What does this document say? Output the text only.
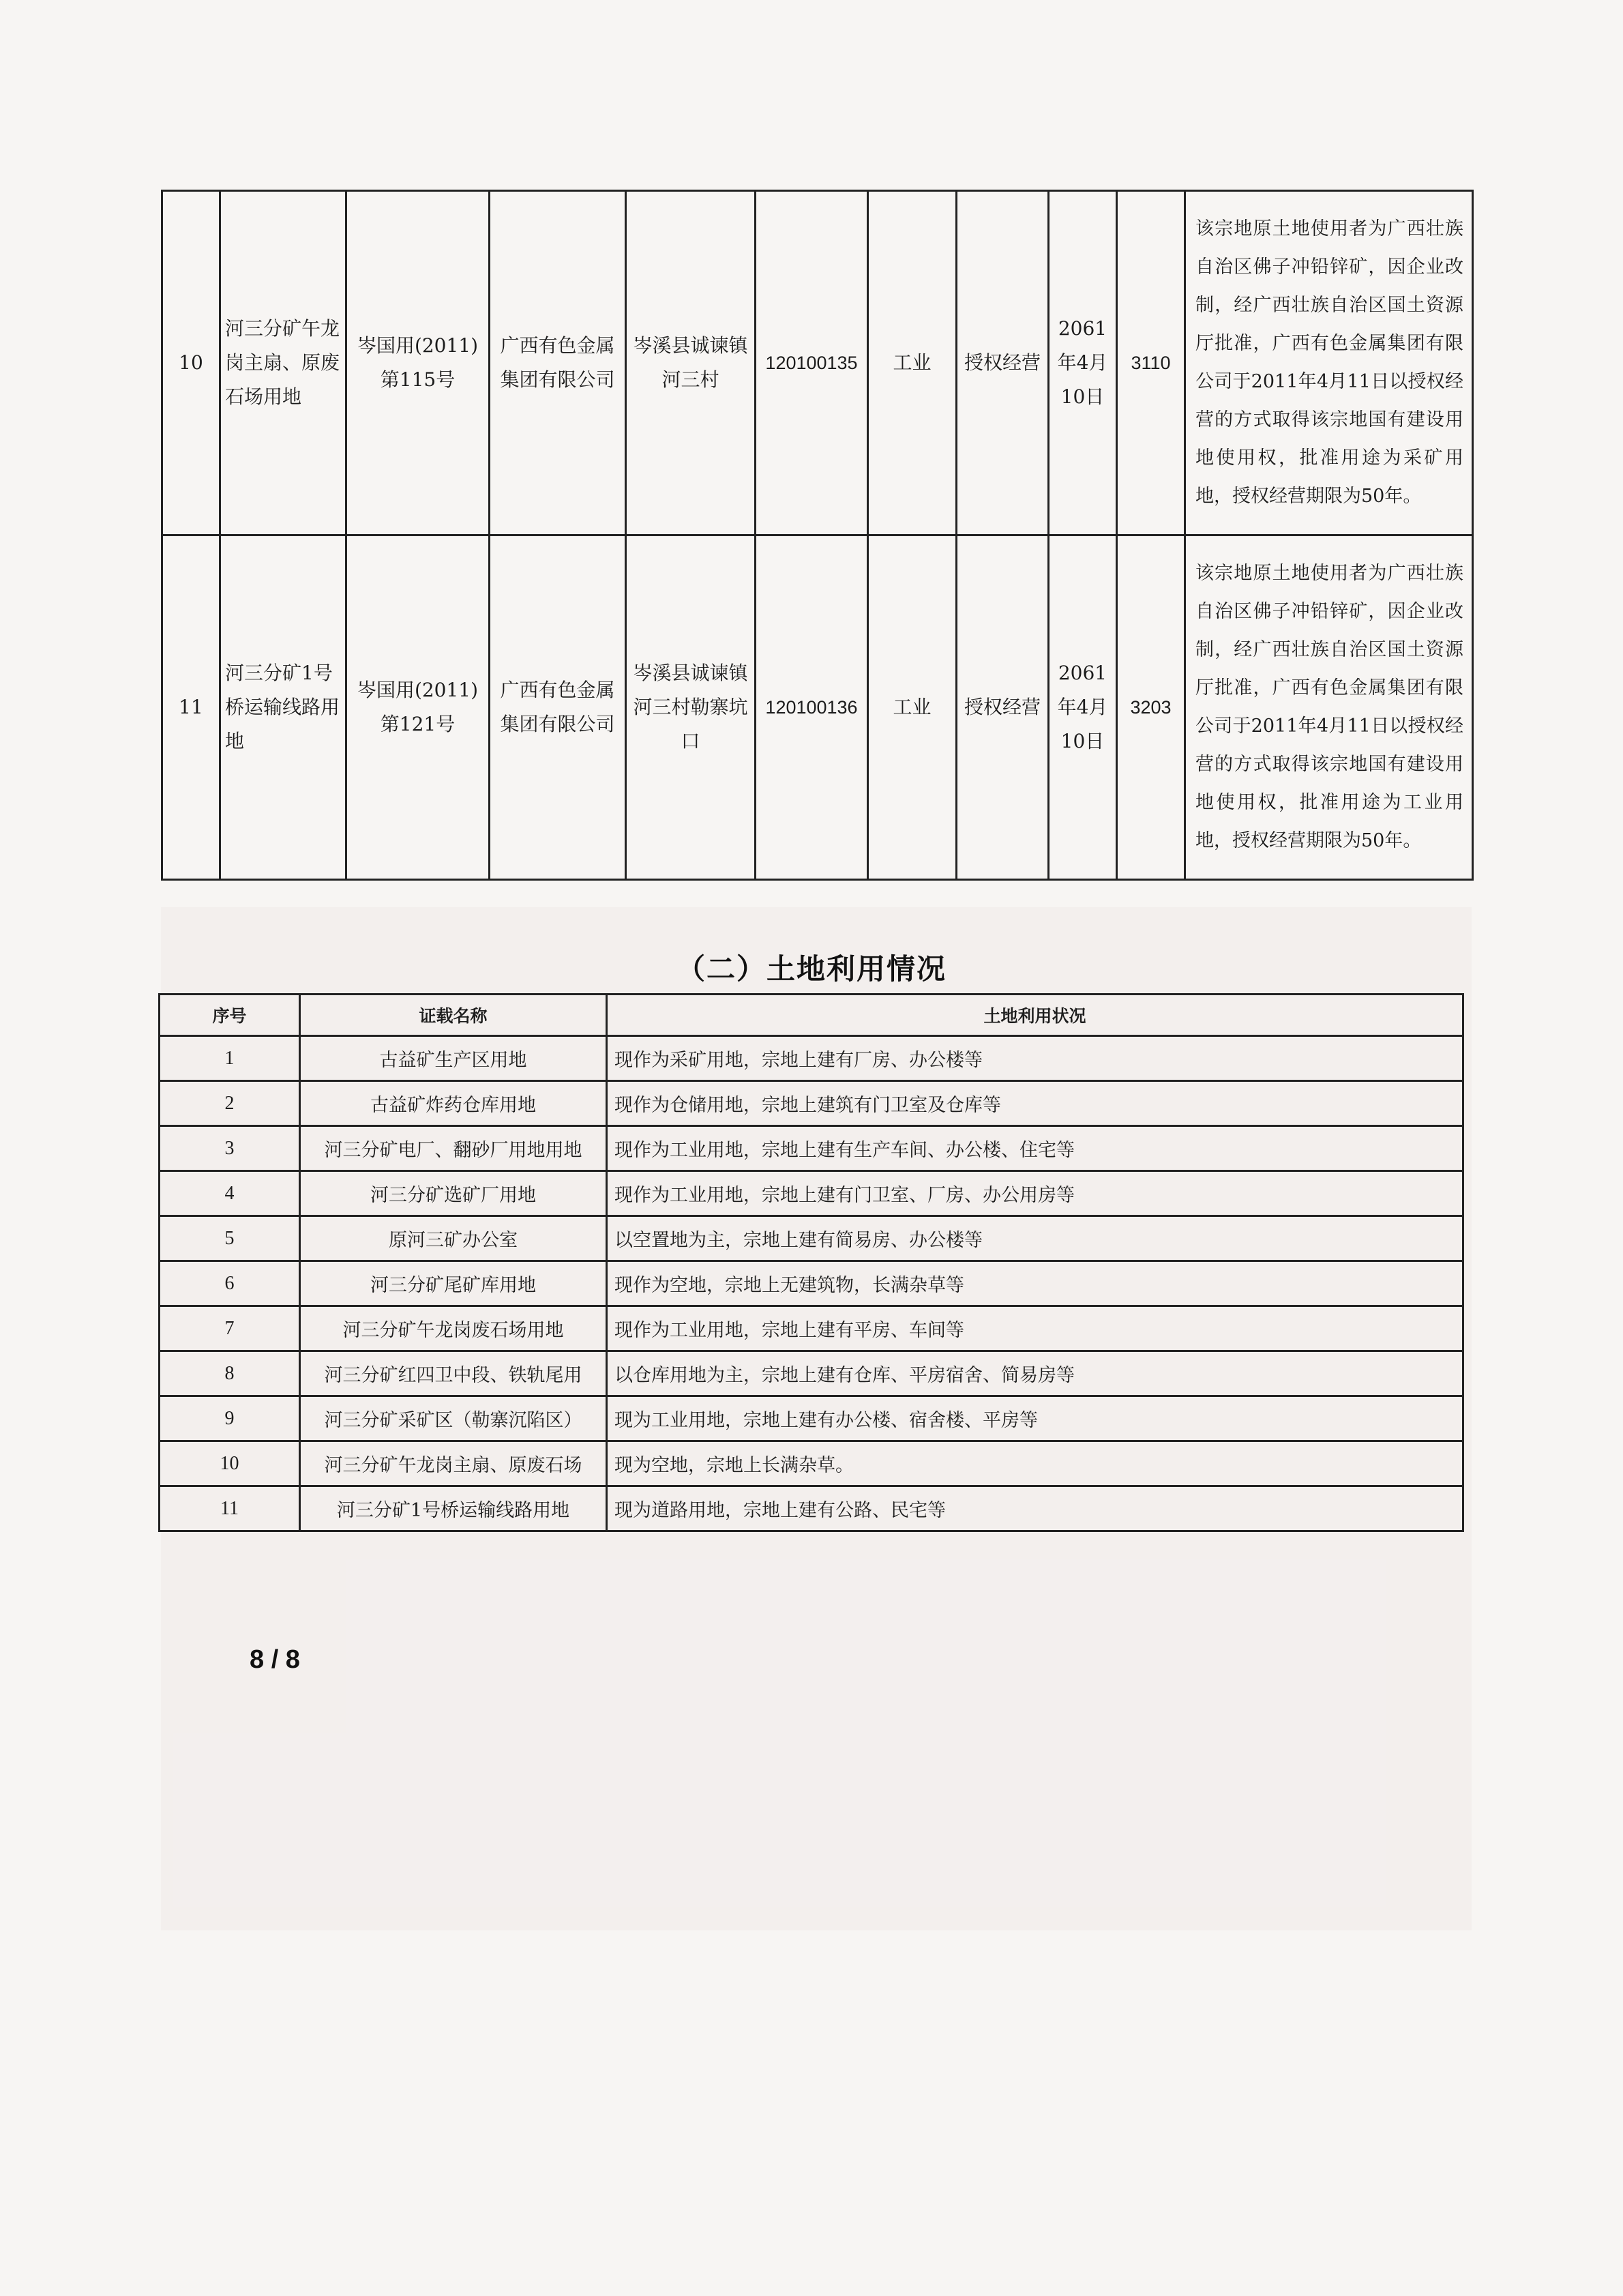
10	河三分矿午龙岗主扇、原废石场用地	岑国用(2011)第115号	广西有色金属集团有限公司	岑溪县诚谏镇河三村	120100135	工业	授权经营	2061年4月10日	3110	该宗地原土地使用者为广西壮族自治区佛子冲铅锌矿，因企业改制，经广西壮族自治区国土资源厅批准，广西有色金属集团有限公司于2011年4月11日以授权经营的方式取得该宗地国有建设用地使用权，批准用途为采矿用地，授权经营期限为50年。
11	河三分矿1号桥运输线路用地	岑国用(2011)第121号	广西有色金属集团有限公司	岑溪县诚谏镇河三村勒寨坑口	120100136	工业	授权经营	2061年4月10日	3203	该宗地原土地使用者为广西壮族自治区佛子冲铅锌矿，因企业改制，经广西壮族自治区国土资源厅批准，广西有色金属集团有限公司于2011年4月11日以授权经营的方式取得该宗地国有建设用地使用权，批准用途为工业用地，授权经营期限为50年。
（二）土地利用情况
序号	证载名称	土地利用状况
1	古益矿生产区用地	现作为采矿用地，宗地上建有厂房、办公楼等
2	古益矿炸药仓库用地	现作为仓储用地，宗地上建筑有门卫室及仓库等
3	河三分矿电厂、翻砂厂用地用地	现作为工业用地，宗地上建有生产车间、办公楼、住宅等
4	河三分矿选矿厂用地	现作为工业用地，宗地上建有门卫室、厂房、办公用房等
5	原河三矿办公室	以空置地为主，宗地上建有简易房、办公楼等
6	河三分矿尾矿库用地	现作为空地，宗地上无建筑物，长满杂草等
7	河三分矿午龙岗废石场用地	现作为工业用地，宗地上建有平房、车间等
8	河三分矿红四卫中段、铁轨尾用	以仓库用地为主，宗地上建有仓库、平房宿舍、简易房等
9	河三分矿采矿区（勒寨沉陷区）	现为工业用地，宗地上建有办公楼、宿舍楼、平房等
10	河三分矿午龙岗主扇、原废石场	现为空地，宗地上长满杂草。
11	河三分矿1号桥运输线路用地	现为道路用地，宗地上建有公路、民宅等
8 / 8
